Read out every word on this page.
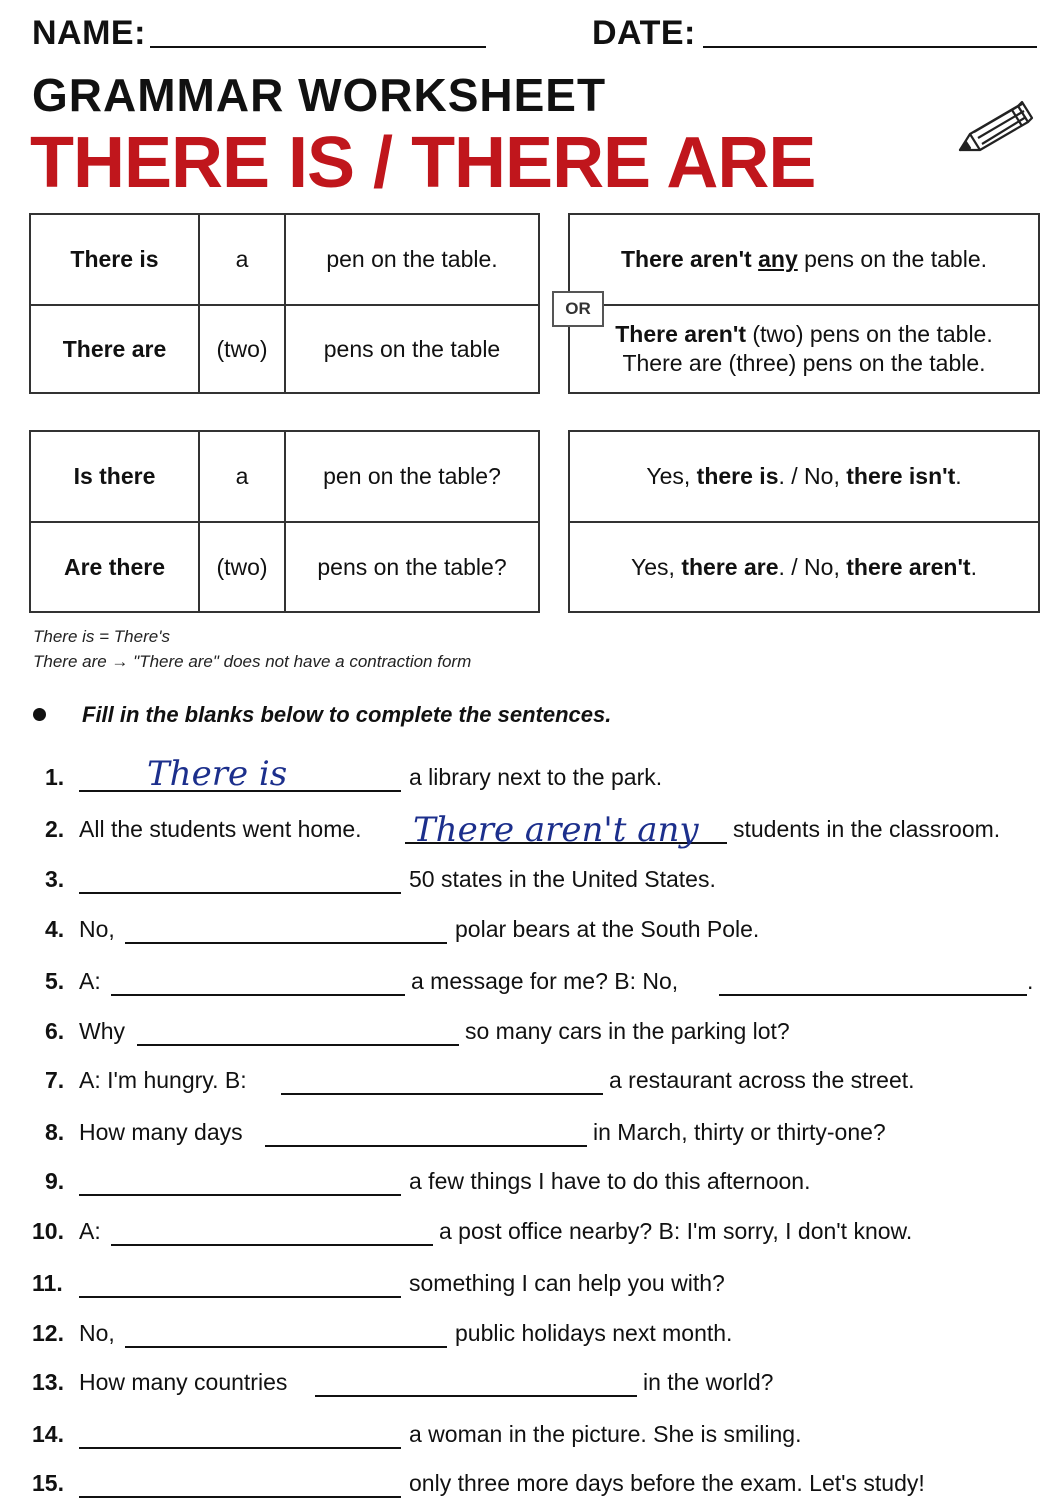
NAME:	DATE:
GRAMMAR WORKSHEET
THERE IS / THERE ARE
There is	a	pen on the table.
There are	(two)	pens on the table
There aren't any pens on the table.
There aren't (two) pens on the table.
There are (three) pens on the table.
OR
Is there	a	pen on the table?
Are there	(two)	pens on the table?
Yes, there is. / No, there isn't.
Yes, there are. / No, there aren't.
There is = There's
There are → "There are" does not have a contraction form
Fill in the blanks below to complete the sentences.
1. There is	a library next to the park.
2. All the students went home. There aren't any students in the classroom.
3.	50 states in the United States.
4. No,	polar bears at the South Pole.
5. A:	a message for me? B: No,	.
6. Why	so many cars in the parking lot?
7. A: I'm hungry. B:	a restaurant across the street.
8. How many days	in March, thirty or thirty-one?
9.	a few things I have to do this afternoon.
10. A:	a post office nearby? B: I'm sorry, I don't know.
11.	something I can help you with?
12. No,	public holidays next month.
13. How many countries	in the world?
14.	a woman in the picture. She is smiling.
15.	only three more days before the exam. Let's study!
